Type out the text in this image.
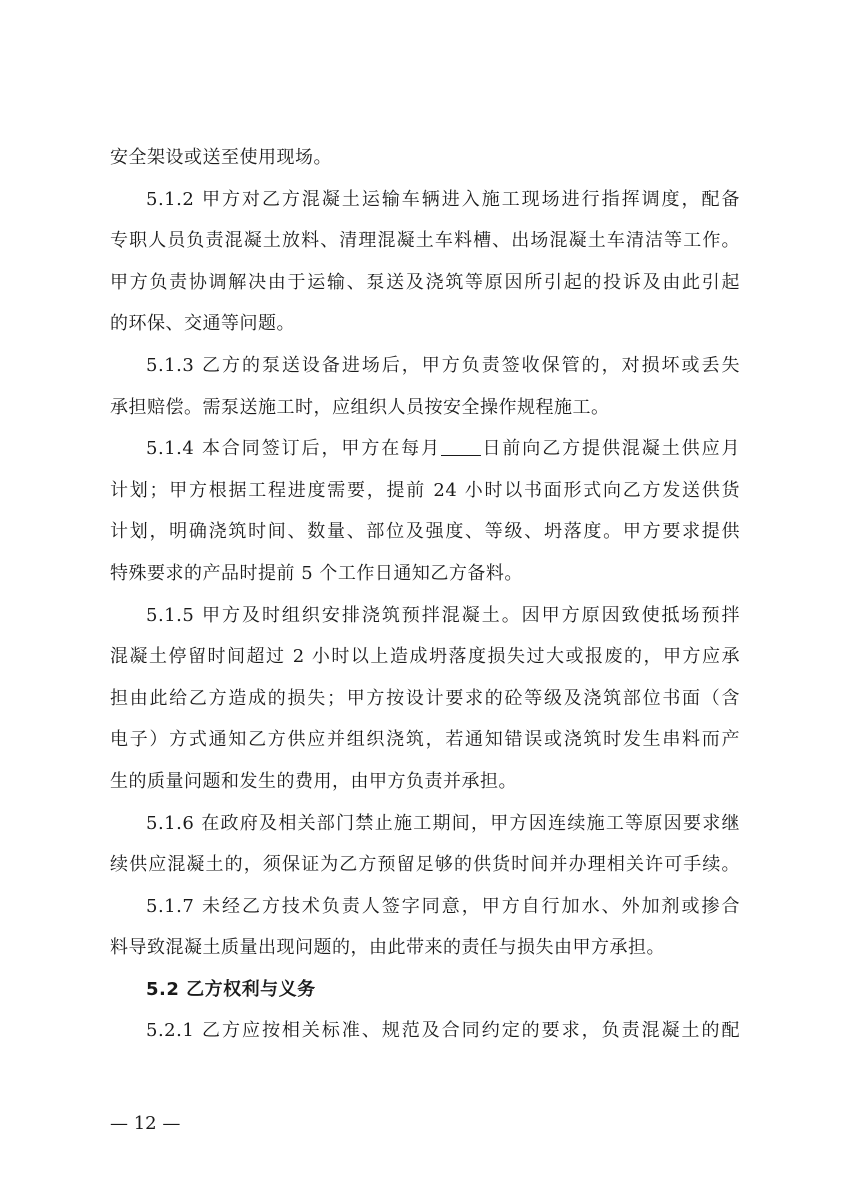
安全架设或送至使用现场。
5.1.2 甲方对乙方混凝土运输车辆进入施工现场进行指挥调度，配备
专职人员负责混凝土放料、清理混凝土车料槽、出场混凝土车清洁等工作。
甲方负责协调解决由于运输、泵送及浇筑等原因所引起的投诉及由此引起
的环保、交通等问题。
5.1.3 乙方的泵送设备进场后，甲方负责签收保管的，对损坏或丢失
承担赔偿。需泵送施工时，应组织人员按安全操作规程施工。
5.1.4 本合同签订后，甲方在每月 日前向乙方提供混凝土供应月
计划；甲方根据工程进度需要，提前 24 小时以书面形式向乙方发送供货
计划，明确浇筑时间、数量、部位及强度、等级、坍落度。甲方要求提供
特殊要求的产品时提前 5 个工作日通知乙方备料。
5.1.5 甲方及时组织安排浇筑预拌混凝土。因甲方原因致使抵场预拌
混凝土停留时间超过 2 小时以上造成坍落度损失过大或报废的，甲方应承
担由此给乙方造成的损失；甲方按设计要求的砼等级及浇筑部位书面（含
电子）方式通知乙方供应并组织浇筑，若通知错误或浇筑时发生串料而产
生的质量问题和发生的费用，由甲方负责并承担。
5.1.6 在政府及相关部门禁止施工期间，甲方因连续施工等原因要求继
续供应混凝土的，须保证为乙方预留足够的供货时间并办理相关许可手续。
5.1.7 未经乙方技术负责人签字同意，甲方自行加水、外加剂或掺合
料导致混凝土质量出现问题的，由此带来的责任与损失由甲方承担。
5.2 乙方权利与义务
5.2.1 乙方应按相关标准、规范及合同约定的要求，负责混凝土的配
— 12 —
